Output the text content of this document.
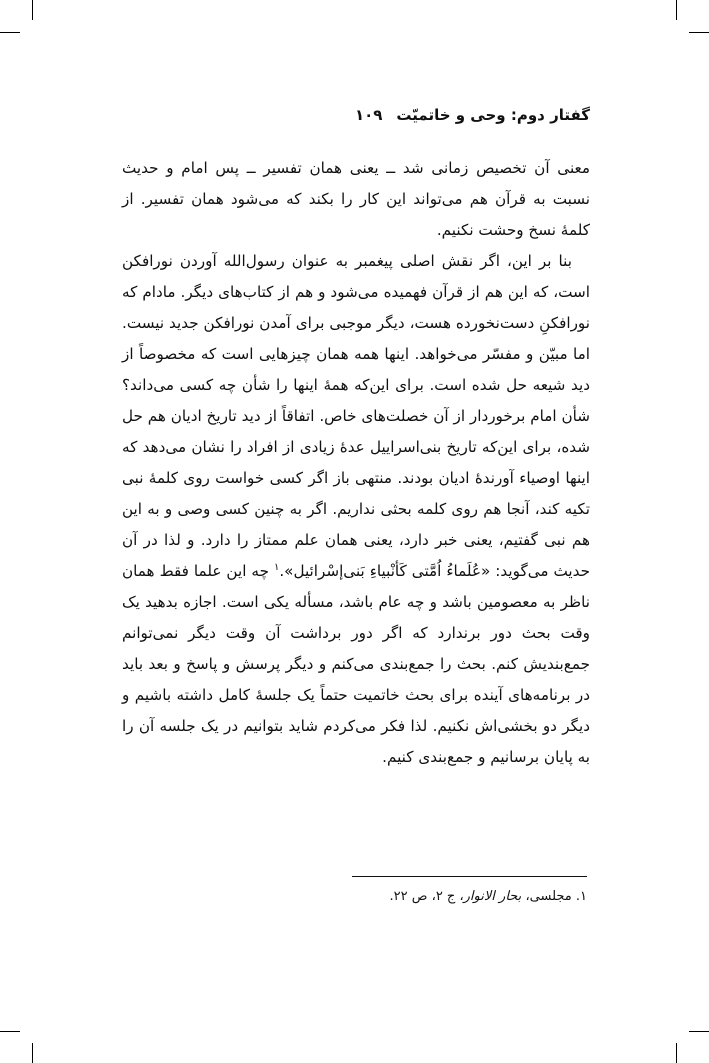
گفتار دوم: وحی و خاتمیّت
۱۰۹

معنی آن تخصیص زمانی شد ــ یعنی همان تفسیر ــ پس امام و حدیث نسبت به قرآن هم می‌تواند این کار را بکند که می‌شود همان تفسیر. از کلمهٔ نسخ وحشت نکنیم.

بنا بر این، اگر نقش اصلی پیغمبر به عنوان رسول‌الله آوردن نورافکن است، که این هم از قرآن فهمیده می‌شود و هم از کتاب‌های دیگر. مادام که نورافکنِ دست‌نخورده هست، دیگر موجبی برای آمدن نورافکن جدید نیست. اما مبیّن و مفسّر می‌خواهد. اینها همه همان چیزهایی است که مخصوصاً از دید شیعه حل شده است. برای این‌که همهٔ اینها را شأن چه کسی می‌داند؟ شأن امام برخوردار از آن خصلت‌های خاص. اتفاقاً از دید تاریخ ادیان هم حل شده، برای این‌که تاریخ بنی‌اسراییل عدهٔ زیادی از افراد را نشان می‌دهد که اینها اوصیاء آورندهٔ ادیان بودند. منتهی باز اگر کسی خواست روی کلمهٔ نبی تکیه کند، آنجا هم روی کلمه بحثی نداریم. اگر به چنین کسی وصی و به این هم نبی گفتیم، یعنی خبر دارد، یعنی همان علم ممتاز را دارد. و لذا در آن حدیث می‌گوید: «عُلَماءُ اُمَّتی کَأنْبیاءِ بَنی‌إسْرائیل».$^۱$ چه این علما فقط همان ناظر به معصومین باشد و چه عام باشد، مسأله یکی است. اجازه بدهید یک وقت بحث دور برندارد که اگر دور برداشت آن وقت دیگر نمی‌توانم جمع‌بندیش کنم. بحث را جمع‌بندی می‌کنم و دیگر پرسش و پاسخ و بعد باید در برنامه‌های آینده برای بحث خاتمیت حتماً یک جلسهٔ کامل داشته باشیم و دیگر دو بخشی‌اش نکنیم. لذا فکر می‌کردم شاید بتوانیم در یک جلسه آن را به پایان برسانیم و جمع‌بندی کنیم.

۱. مجلسی، بحار الانوار، ج ۲، ص ۲۲.
